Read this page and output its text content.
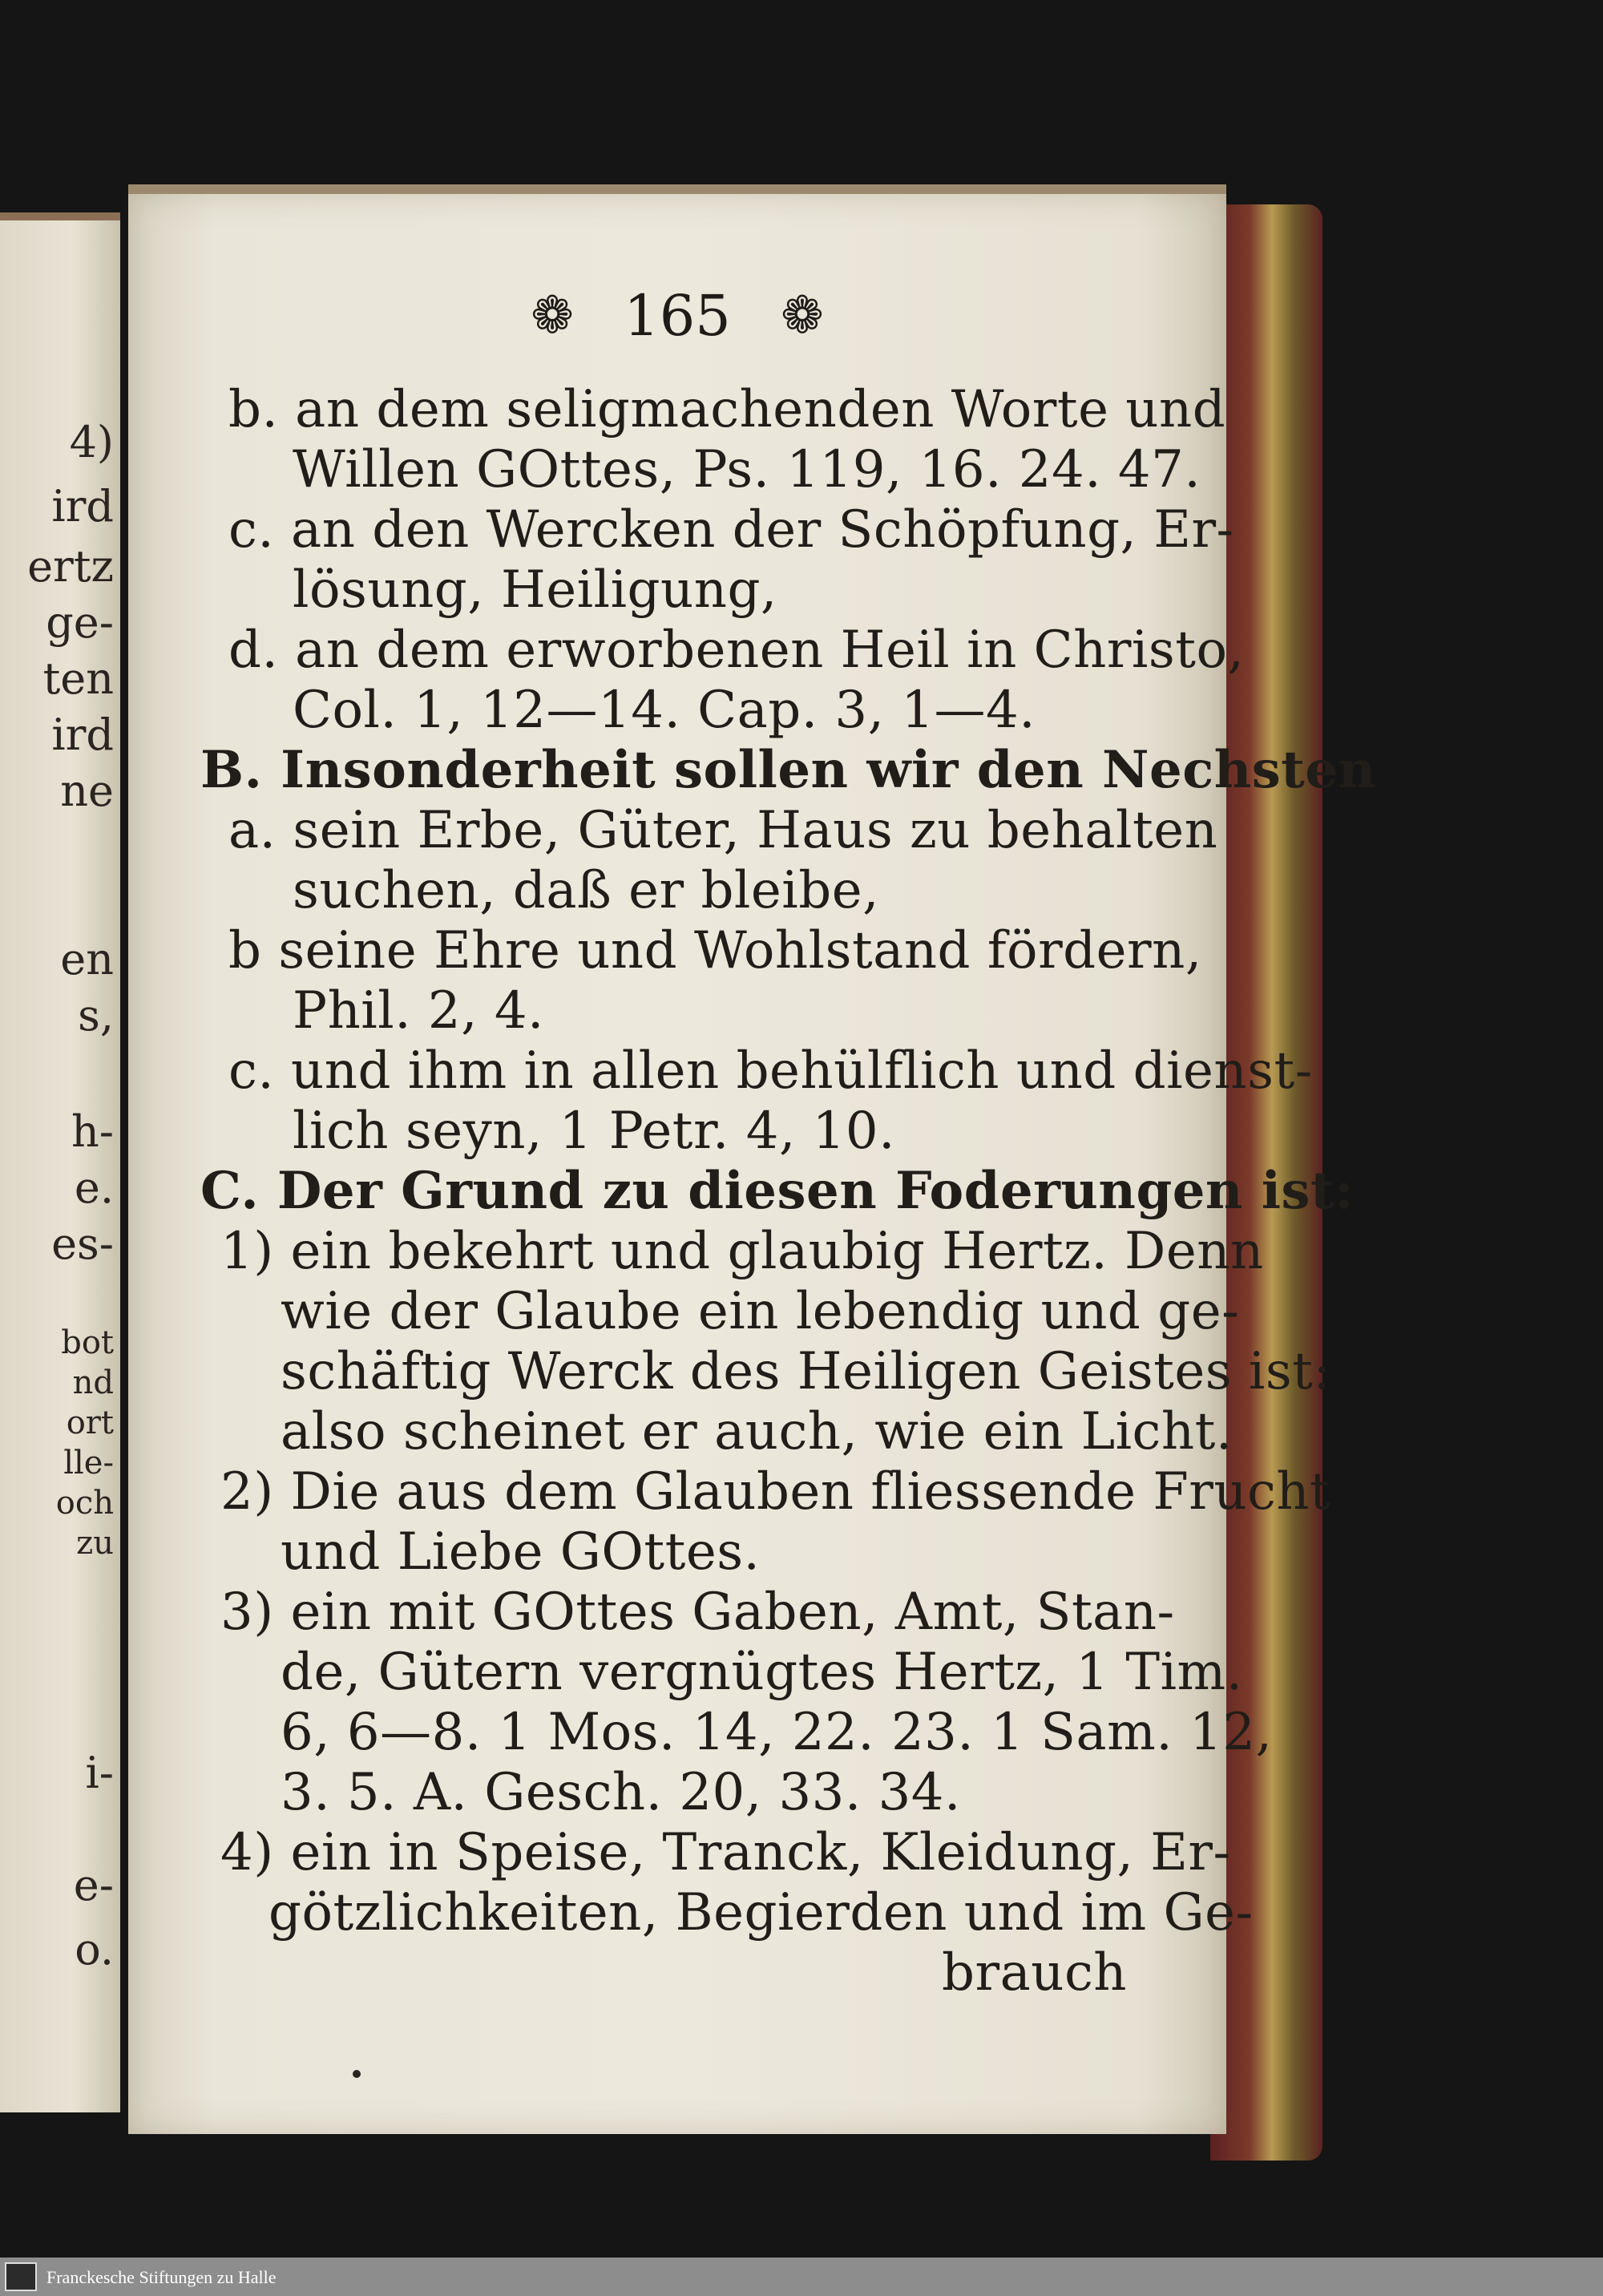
4)
ird
ertz
ge-
ten
ird
ne
en
s,
h-
e.
es-
bot
nd
ort
lle-
och
zu
i-
e-
o.
❁ 165 ❁
b. an dem seligmachenden Worte und
Willen GOttes, Ps. 119, 16. 24. 47.
c. an den Wercken der Schöpfung, Er-
lösung, Heiligung,
d. an dem erworbenen Heil in Christo,
Col. 1, 12—14. Cap. 3, 1—4.
B. Insonderheit sollen wir den Nechsten
a. sein Erbe, Güter, Haus zu behalten
suchen, daß er bleibe,
b seine Ehre und Wohlstand fördern,
Phil. 2, 4.
c. und ihm in allen behülflich und dienst-
lich seyn, 1 Petr. 4, 10.
C. Der Grund zu diesen Foderungen ist:
1) ein bekehrt und glaubig Hertz. Denn
wie der Glaube ein lebendig und ge-
schäftig Werck des Heiligen Geistes ist:
also scheinet er auch, wie ein Licht.
2) Die aus dem Glauben fliessende Frucht
und Liebe GOttes.
3) ein mit GOttes Gaben, Amt, Stan-
de, Gütern vergnügtes Hertz, 1 Tim.
6, 6—8. 1 Mos. 14, 22. 23. 1 Sam. 12,
3. 5. A. Gesch. 20, 33. 34.
4) ein in Speise, Tranck, Kleidung, Er-
götzlichkeiten, Begierden und im Ge-
brauch
Franckesche Stiftungen zu Halle
